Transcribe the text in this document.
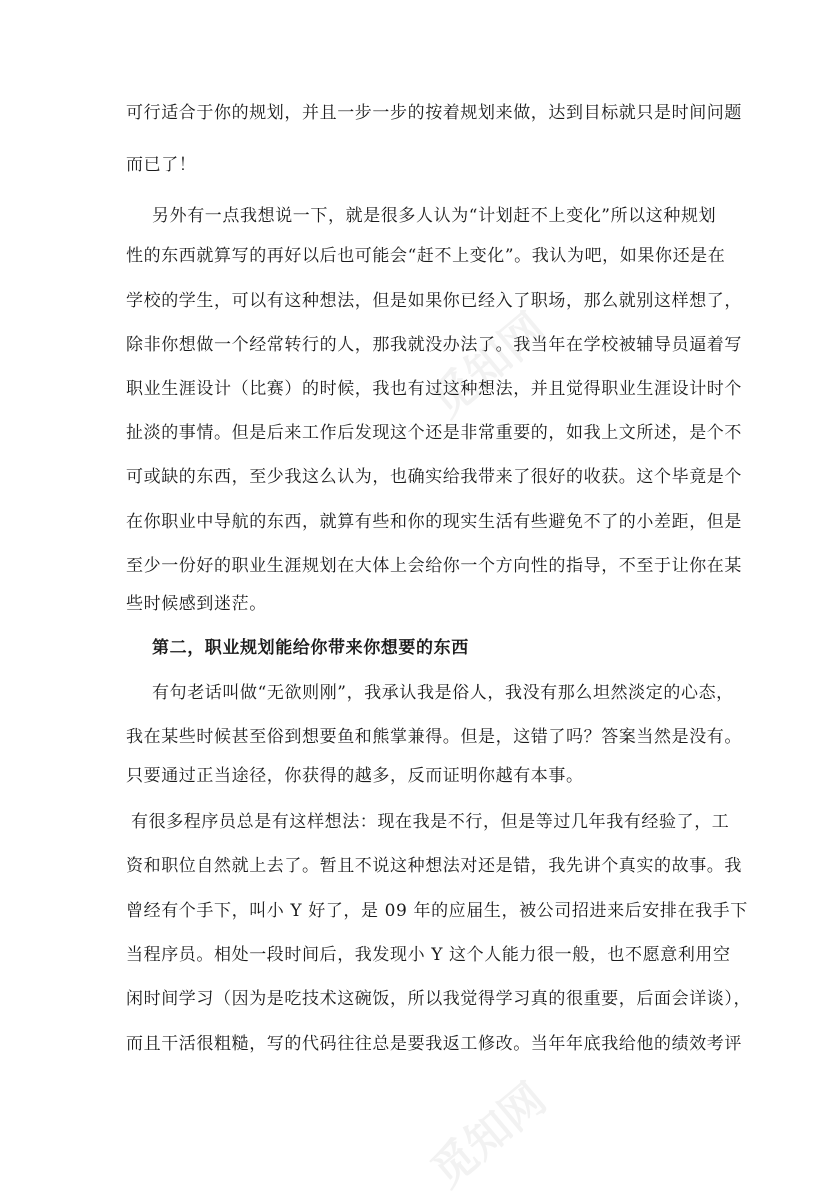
觅知网
觅知网
可行适合于你的规划，并且一步一步的按着规划来做，达到目标就只是时间问题
而已了！
另外有一点我想说一下，就是很多人认为“计划赶不上变化”所以这种规划
性的东西就算写的再好以后也可能会“赶不上变化”。我认为吧，如果你还是在
学校的学生，可以有这种想法，但是如果你已经入了职场，那么就别这样想了，
除非你想做一个经常转行的人，那我就没办法了。我当年在学校被辅导员逼着写
职业生涯设计（比赛）的时候，我也有过这种想法，并且觉得职业生涯设计时个
扯淡的事情。但是后来工作后发现这个还是非常重要的，如我上文所述，是个不
可或缺的东西，至少我这么认为，也确实给我带来了很好的收获。这个毕竟是个
在你职业中导航的东西，就算有些和你的现实生活有些避免不了的小差距，但是
至少一份好的职业生涯规划在大体上会给你一个方向性的指导，不至于让你在某
些时候感到迷茫。
第二，职业规划能给你带来你想要的东西
有句老话叫做“无欲则刚”，我承认我是俗人，我没有那么坦然淡定的心态，
我在某些时候甚至俗到想要鱼和熊掌兼得。但是，这错了吗？答案当然是没有。
只要通过正当途径，你获得的越多，反而证明你越有本事。
有很多程序员总是有这样想法：现在我是不行，但是等过几年我有经验了，工
资和职位自然就上去了。暂且不说这种想法对还是错，我先讲个真实的故事。我
曾经有个手下，叫小 Y 好了，是 09 年的应届生，被公司招进来后安排在我手下
当程序员。相处一段时间后，我发现小 Y 这个人能力很一般，也不愿意利用空
闲时间学习（因为是吃技术这碗饭，所以我觉得学习真的很重要，后面会详谈），
而且干活很粗糙，写的代码往往总是要我返工修改。当年年底我给他的绩效考评
